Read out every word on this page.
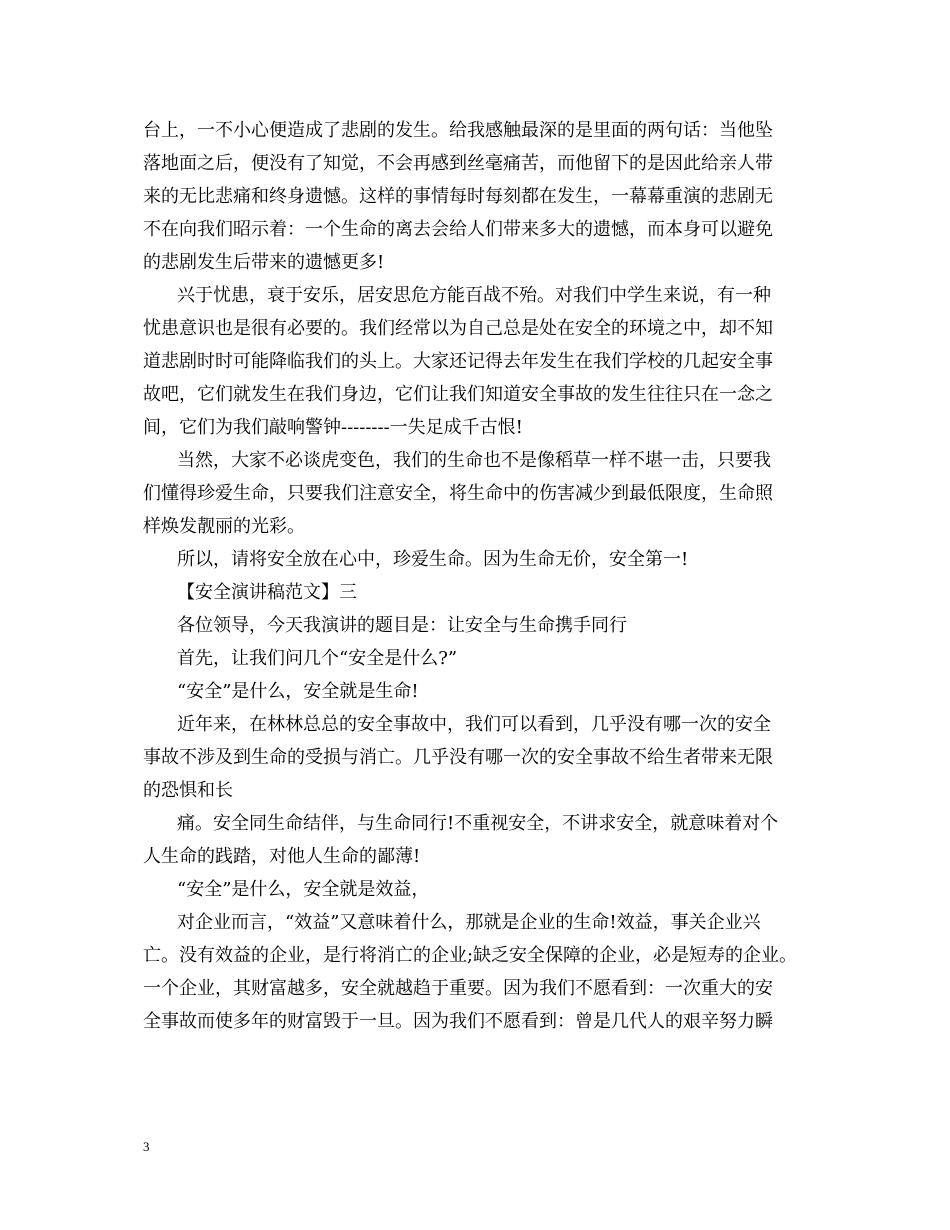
台上，一不小心便造成了悲剧的发生。给我感触最深的是里面的两句话：当他坠
落地面之后，便没有了知觉，不会再感到丝毫痛苦，而他留下的是因此给亲人带
来的无比悲痛和终身遗憾。这样的事情每时每刻都在发生，一幕幕重演的悲剧无
不在向我们昭示着：一个生命的离去会给人们带来多大的遗憾，而本身可以避免
的悲剧发生后带来的遗憾更多!
兴于忧患，衰于安乐，居安思危方能百战不殆。对我们中学生来说，有一种
忧患意识也是很有必要的。我们经常以为自己总是处在安全的环境之中，却不知
道悲剧时时可能降临我们的头上。大家还记得去年发生在我们学校的几起安全事
故吧，它们就发生在我们身边，它们让我们知道安全事故的发生往往只在一念之
间，它们为我们敲响警钟--------一失足成千古恨!
当然，大家不必谈虎变色，我们的生命也不是像稻草一样不堪一击，只要我
们懂得珍爱生命，只要我们注意安全，将生命中的伤害减少到最低限度，生命照
样焕发靓丽的光彩。
所以，请将安全放在心中，珍爱生命。因为生命无价，安全第一!
【安全演讲稿范文】三
各位领导，今天我演讲的题目是：让安全与生命携手同行
首先，让我们问几个“安全是什么?”
“安全”是什么，安全就是生命!
近年来，在林林总总的安全事故中，我们可以看到，几乎没有哪一次的安全
事故不涉及到生命的受损与消亡。几乎没有哪一次的安全事故不给生者带来无限
的恐惧和长
痛。安全同生命结伴，与生命同行!不重视安全，不讲求安全，就意味着对个
人生命的践踏，对他人生命的鄙薄!
“安全”是什么，安全就是效益，
对企业而言，“效益”又意味着什么，那就是企业的生命!效益，事关企业兴
亡。没有效益的企业，是行将消亡的企业;缺乏安全保障的企业，必是短寿的企业。
一个企业，其财富越多，安全就越趋于重要。因为我们不愿看到：一次重大的安
全事故而使多年的财富毁于一旦。因为我们不愿看到：曾是几代人的艰辛努力瞬
3
